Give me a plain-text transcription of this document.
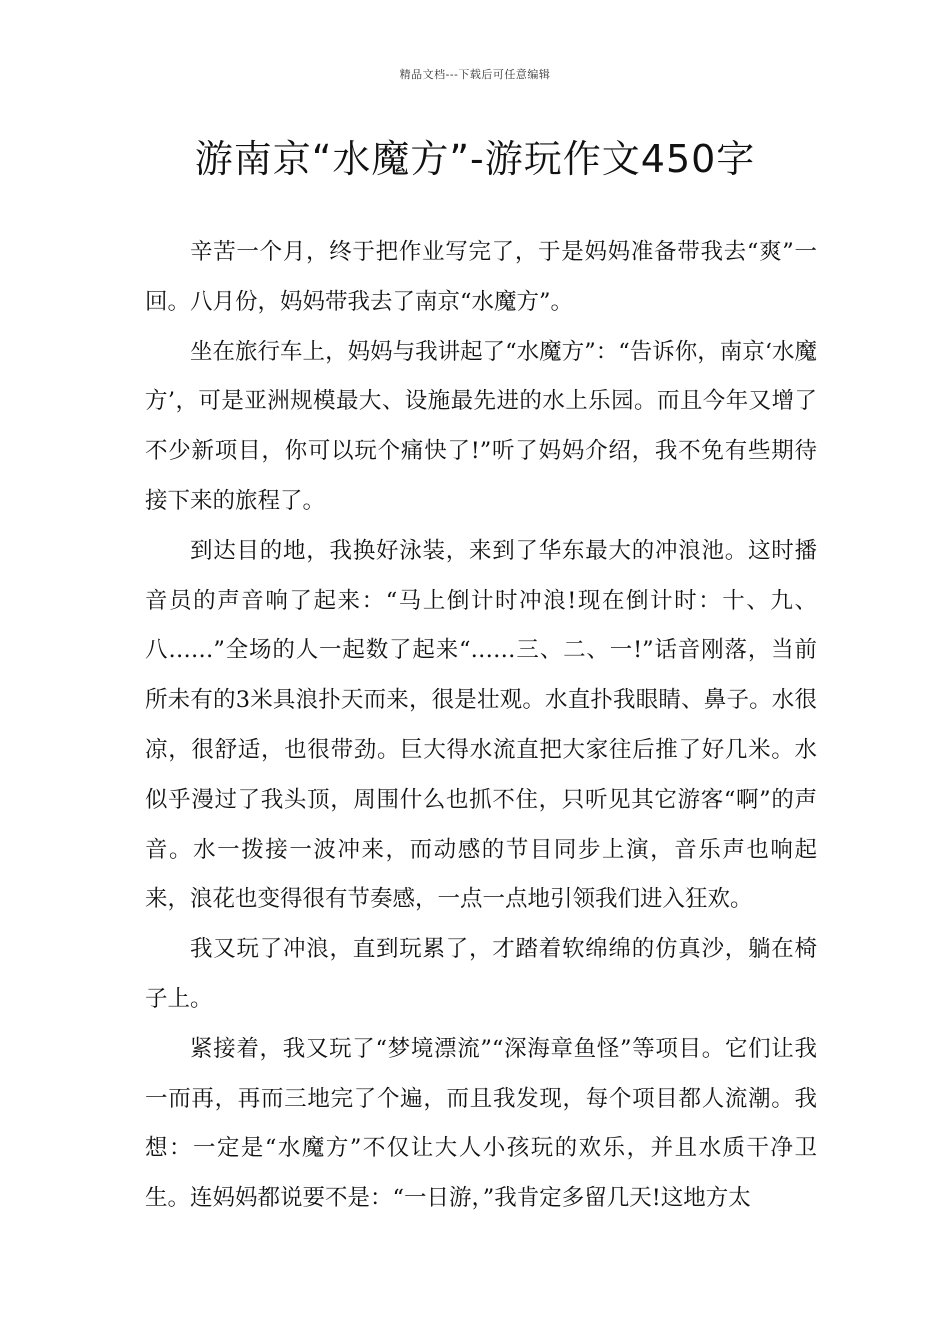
精品文档---下载后可任意编辑
游南京“水魔方”-游玩作文450字

辛苦一个月，终于把作业写完了，于是妈妈准备带我去“爽”一回。八月份，妈妈带我去了南京“水魔方”。

坐在旅行车上，妈妈与我讲起了“水魔方”：“告诉你，南京‘水魔方’，可是亚洲规模最大、设施最先进的水上乐园。而且今年又增了不少新项目，你可以玩个痛快了!”听了妈妈介绍，我不免有些期待接下来的旅程了。

到达目的地，我换好泳装，来到了华东最大的冲浪池。这时播音员的声音响了起来：“马上倒计时冲浪!现在倒计时：十、九、八……”全场的人一起数了起来“……三、二、一!”话音刚落，当前所未有的3米具浪扑天而来，很是壮观。水直扑我眼睛、鼻子。水很凉，很舒适，也很带劲。巨大得水流直把大家往后推了好几米。水似乎漫过了我头顶，周围什么也抓不住，只听见其它游客“啊”的声音。水一拨接一波冲来，而动感的节目同步上演，音乐声也响起来，浪花也变得很有节奏感，一点一点地引领我们进入狂欢。

我又玩了冲浪，直到玩累了，才踏着软绵绵的仿真沙，躺在椅子上。

紧接着，我又玩了“梦境漂流”“深海章鱼怪”等项目。它们让我一而再，再而三地完了个遍，而且我发现，每个项目都人流潮。我想：一定是“水魔方”不仅让大人小孩玩的欢乐，并且水质干净卫生。连妈妈都说要不是：“一日游，”我肯定多留几天!这地方太
